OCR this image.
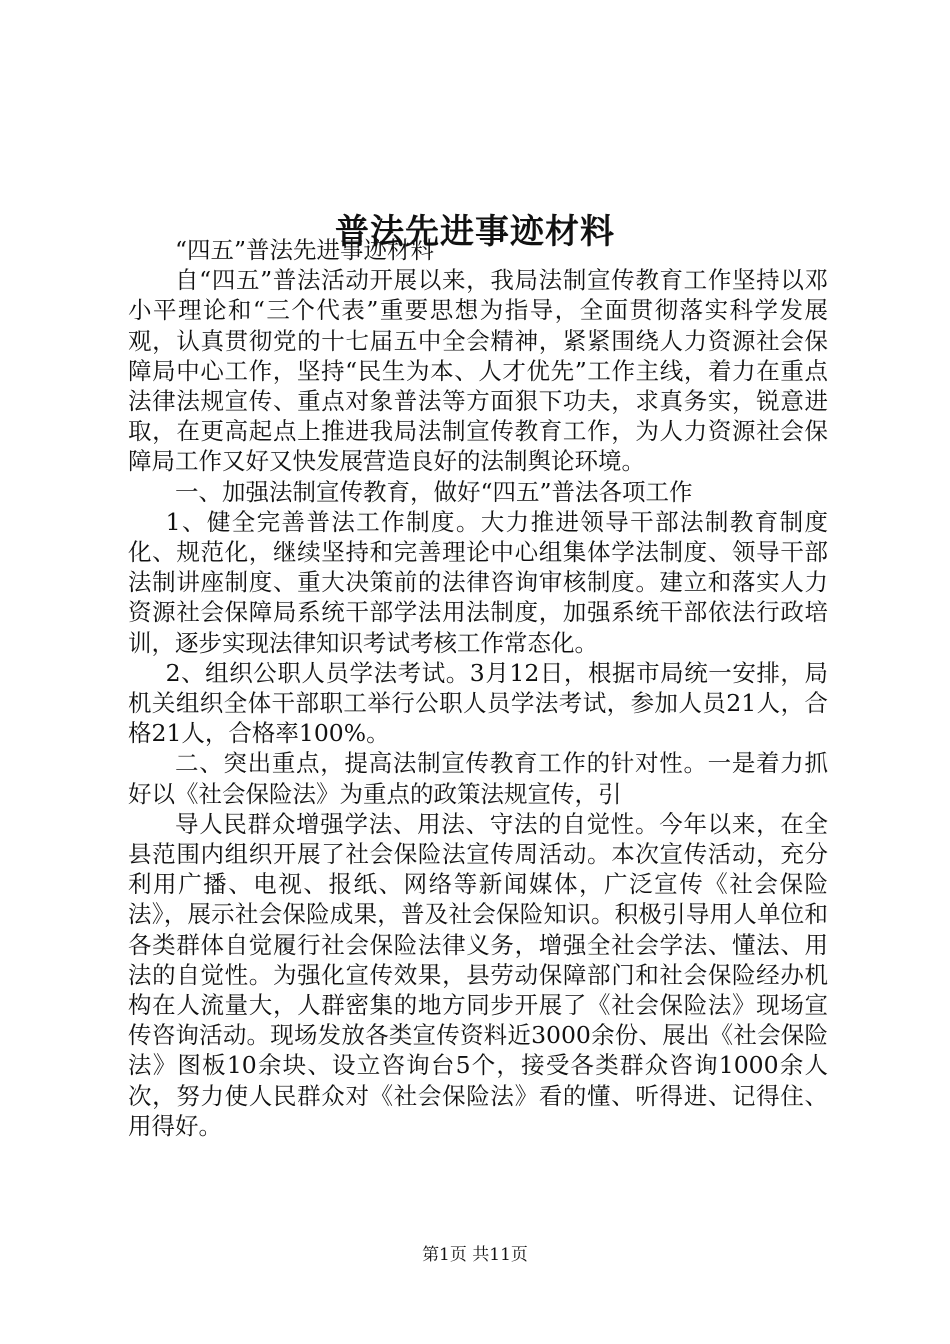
普法先进事迹材料

“四五”普法先进事迹材料

自“四五”普法活动开展以来，我局法制宣传教育工作坚持以邓小平理论和“三个代表”重要思想为指导，全面贯彻落实科学发展观，认真贯彻党的十七届五中全会精神，紧紧围绕人力资源社会保障局中心工作，坚持“民生为本、人才优先”工作主线，着力在重点法律法规宣传、重点对象普法等方面狠下功夫，求真务实，锐意进取，在更高起点上推进我局法制宣传教育工作，为人力资源社会保障局工作又好又快发展营造良好的法制舆论环境。

一、加强法制宣传教育，做好“四五”普法各项工作

1、健全完善普法工作制度。大力推进领导干部法制教育制度化、规范化，继续坚持和完善理论中心组集体学法制度、领导干部法制讲座制度、重大决策前的法律咨询审核制度。建立和落实人力资源社会保障局系统干部学法用法制度，加强系统干部依法行政培训，逐步实现法律知识考试考核工作常态化。

2、组织公职人员学法考试。3月12日，根据市局统一安排，局机关组织全体干部职工举行公职人员学法考试，参加人员21人，合格21人，合格率100%。

二、突出重点，提高法制宣传教育工作的针对性。一是着力抓好以《社会保险法》为重点的政策法规宣传，引

导人民群众增强学法、用法、守法的自觉性。今年以来，在全县范围内组织开展了社会保险法宣传周活动。本次宣传活动，充分利用广播、电视、报纸、网络等新闻媒体，广泛宣传《社会保险法》，展示社会保险成果，普及社会保险知识。积极引导用人单位和各类群体自觉履行社会保险法律义务，增强全社会学法、懂法、用法的自觉性。为强化宣传效果，县劳动保障部门和社会保险经办机构在人流量大，人群密集的地方同步开展了《社会保险法》现场宣传咨询活动。现场发放各类宣传资料近3000余份、展出《社会保险法》图板10余块、设立咨询台5个，接受各类群众咨询1000余人次，努力使人民群众对《社会保险法》看的懂、听得进、记得住、用得好。

第1页 共11页
